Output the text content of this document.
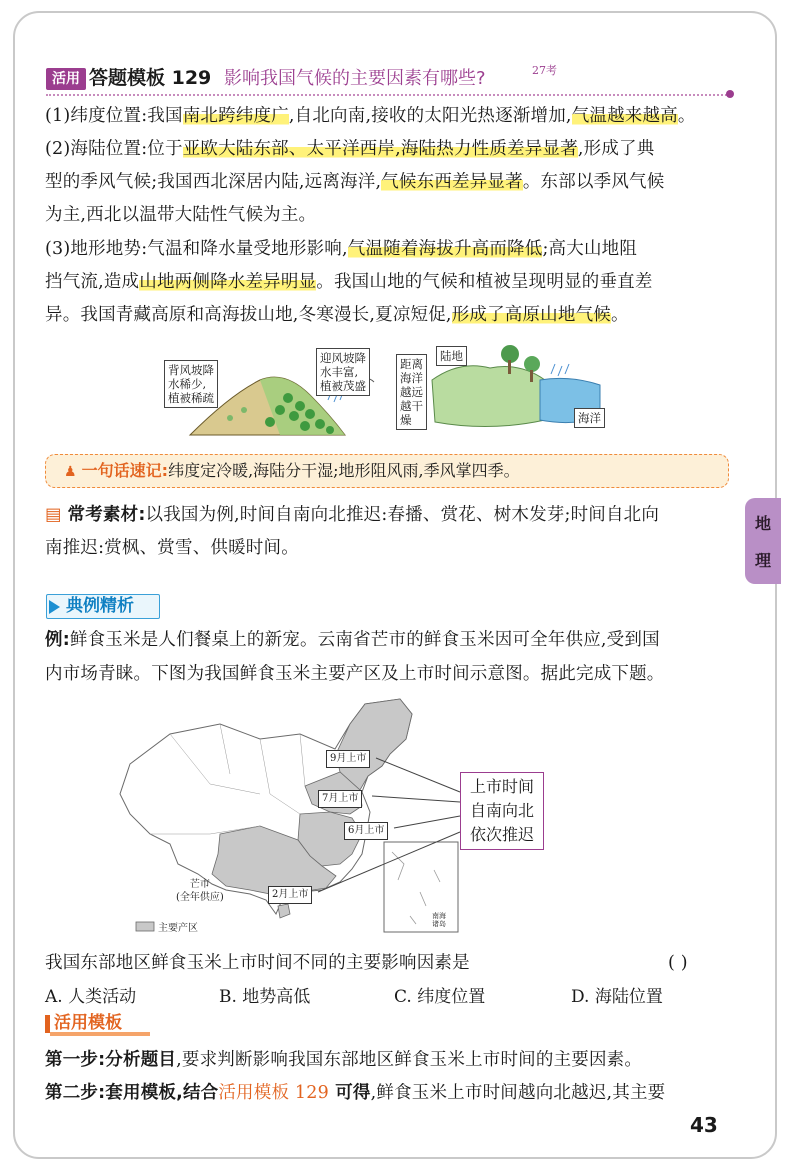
活用 答题模板 129 影响我国气候的主要因素有哪些?	27考
(1)纬度位置:我国南北跨纬度广,自北向南,接收的太阳光热逐渐增加,气温越来越高。
(2)海陆位置:位于亚欧大陆东部、太平洋西岸,海陆热力性质差异显著,形成了典
型的季风气候;我国西北深居内陆,远离海洋,气候东西差异显著。东部以季风气候
为主,西北以温带大陆性气候为主。
(3)地形地势:气温和降水量受地形影响,气温随着海拔升高而降低;高大山地阻
挡气流,造成山地两侧降水差异明显。我国山地的气候和植被呈现明显的垂直差
异。我国青藏高原和高海拔山地,冬寒漫长,夏凉短促,形成了高原山地气候。
背风坡降
水稀少,
植被稀疏
迎风坡降
水丰富,
植被茂盛
距离
海洋
越远
越干
燥
陆地
海洋
♟ 一句话速记:纬度定冷暖,海陆分干湿;地形阻风雨,季风掌四季。
▤ 常考素材:以我国为例,时间自南向北推迟:春播、赏花、树木发芽;时间自北向
南推迟:赏枫、赏雪、供暖时间。
地
理
典例精析
例:鲜食玉米是人们餐桌上的新宠。云南省芒市的鲜食玉米因可全年供应,受到国
内市场青睐。下图为我国鲜食玉米主要产区及上市时间示意图。据此完成下题。
9月上市
7月上市
6月上市
2月上市
芒市
(全年供应)
主要产区
南海
诸岛
上市时间
自南向北
依次推迟
我国东部地区鲜食玉米上市时间不同的主要影响因素是	( )
A. 人类活动	B. 地势高低	C. 纬度位置	D. 海陆位置
活用模板
第一步:分析题目,要求判断影响我国东部地区鲜食玉米上市时间的主要因素。
第二步:套用模板,结合活用模板 129 可得,鲜食玉米上市时间越向北越迟,其主要
43
